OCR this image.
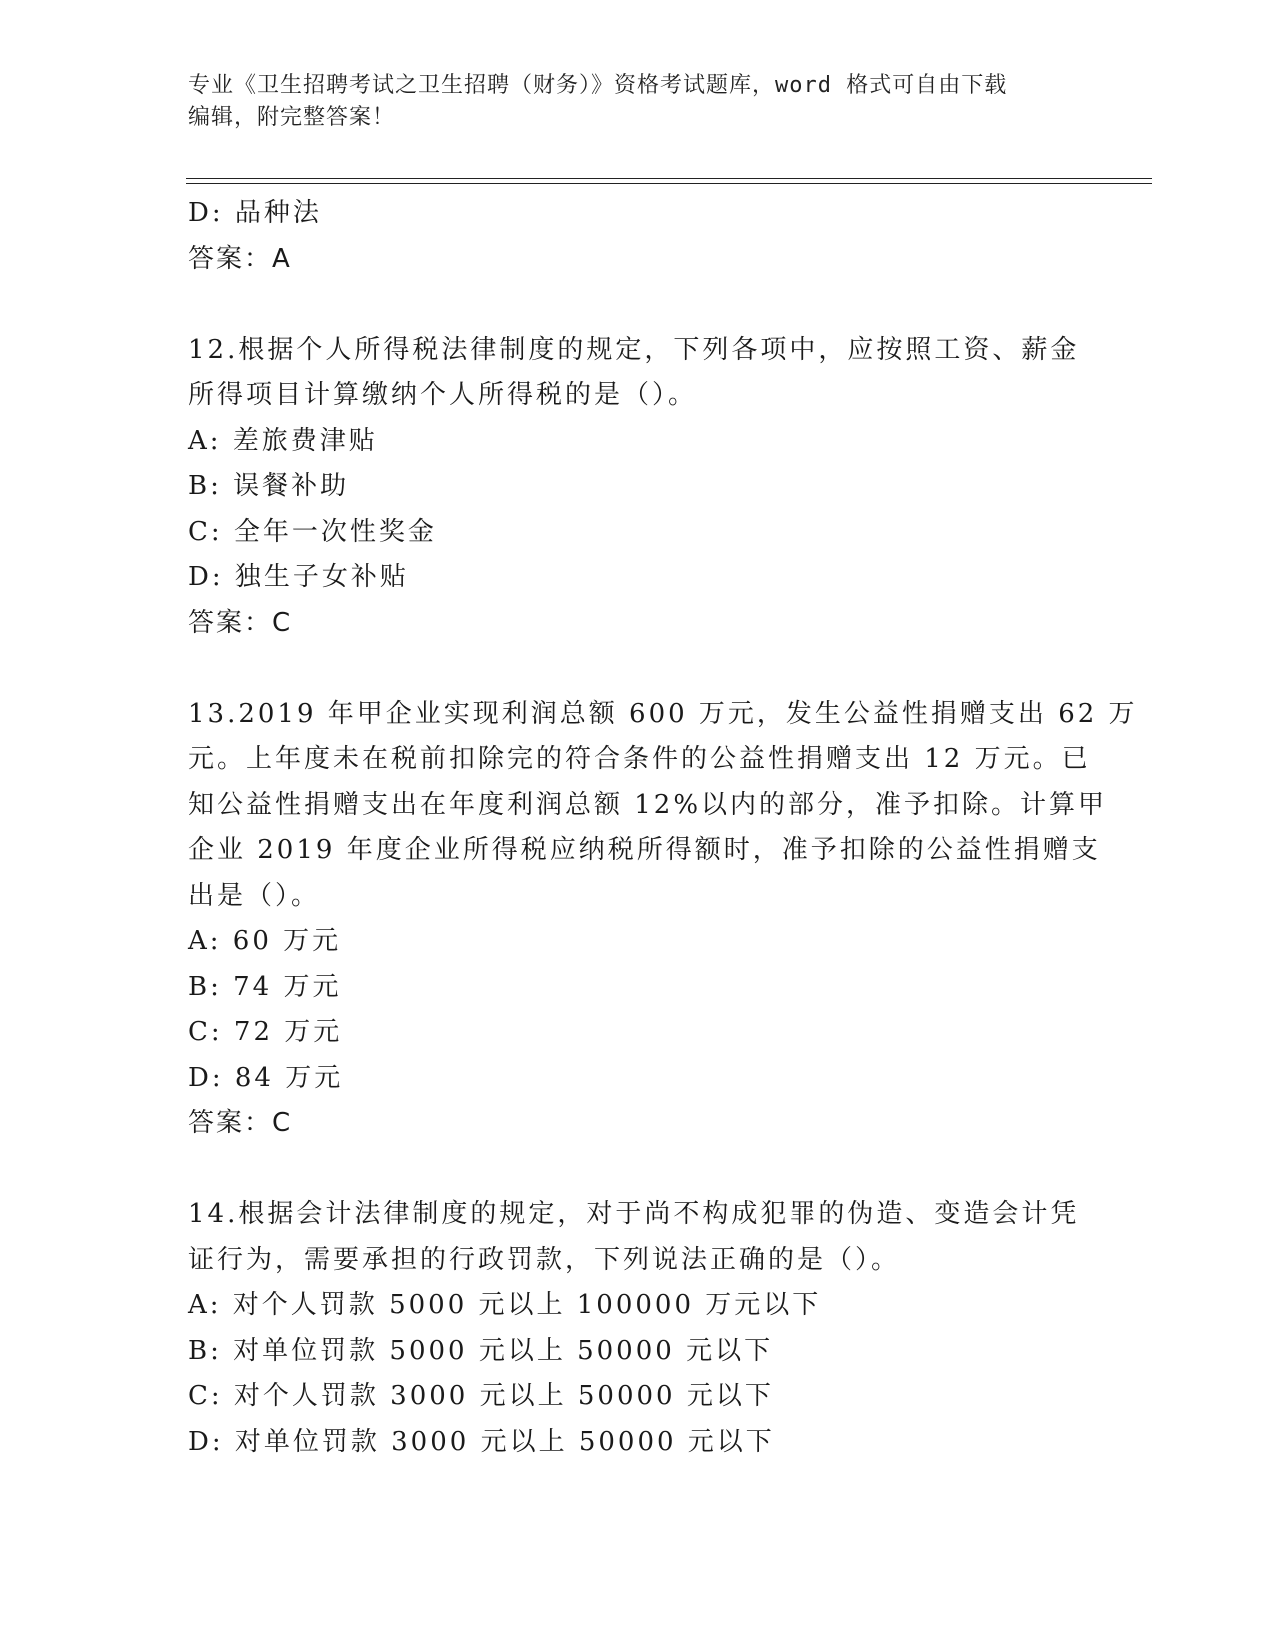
专业《卫生招聘考试之卫生招聘（财务）》资格考试题库，word 格式可自由下载
编辑，附完整答案！
D: 品种法
答案：A
12.根据个人所得税法律制度的规定，下列各项中，应按照工资、薪金
所得项目计算缴纳个人所得税的是（）。
A: 差旅费津贴
B: 误餐补助
C: 全年一次性奖金
D: 独生子女补贴
答案：C
13.2019 年甲企业实现利润总额 600 万元，发生公益性捐赠支出 62 万
元。上年度未在税前扣除完的符合条件的公益性捐赠支出 12 万元。已
知公益性捐赠支出在年度利润总额 12%以内的部分，准予扣除。计算甲
企业 2019 年度企业所得税应纳税所得额时，准予扣除的公益性捐赠支
出是（）。
A: 60 万元
B: 74 万元
C: 72 万元
D: 84 万元
答案：C
14.根据会计法律制度的规定，对于尚不构成犯罪的伪造、变造会计凭
证行为，需要承担的行政罚款，下列说法正确的是（）。
A: 对个人罚款 5000 元以上 100000 万元以下
B: 对单位罚款 5000 元以上 50000 元以下
C: 对个人罚款 3000 元以上 50000 元以下
D: 对单位罚款 3000 元以上 50000 元以下
